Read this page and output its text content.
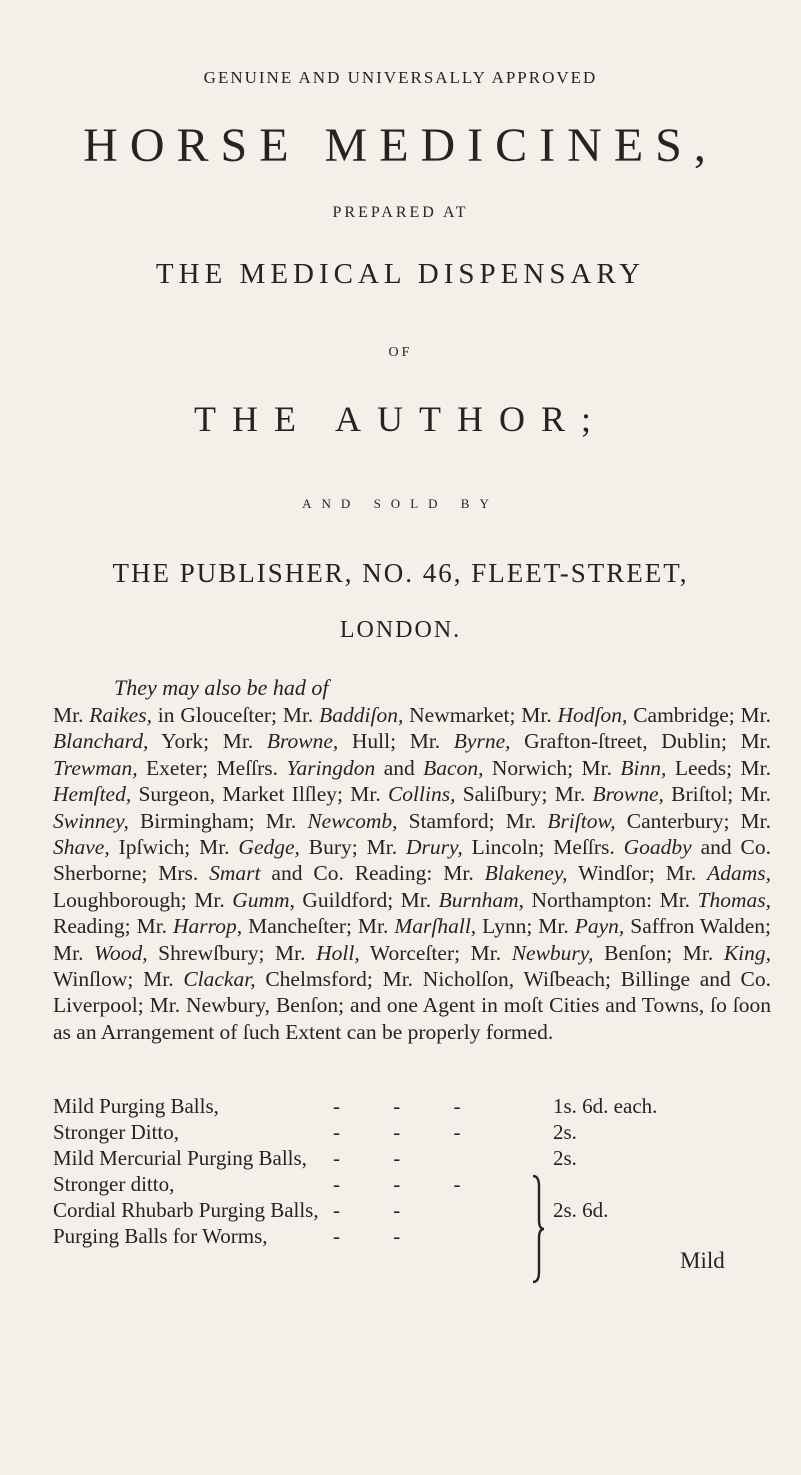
GENUINE AND UNIVERSALLY APPROVED
HORSE MEDICINES,
PREPARED AT
THE MEDICAL DISPENSARY
OF
THE AUTHOR;
AND SOLD BY
THE PUBLISHER, NO. 46, FLEET-STREET,
LONDON.
They may also be had of
Mr. Raikes, in Glouceſter; Mr. Baddiſon, Newmarket; Mr. Hodſon, Cambridge; Mr. Blanchard, York; Mr. Browne, Hull; Mr. Byrne, Grafton-ſtreet, Dublin; Mr. Trewman, Exeter; Meſſrs. Yaringdon and Bacon, Norwich; Mr. Binn, Leeds; Mr. Hemſted, Surgeon, Market Ilſley; Mr. Collins, Saliſbury; Mr. Browne, Briſtol; Mr. Swinney, Birmingham; Mr. Newcomb, Stamford; Mr. Briſtow, Canterbury; Mr. Shave, Ipſwich; Mr. Gedge, Bury; Mr. Drury, Lincoln; Meſſrs. Goadby and Co. Sherborne; Mrs. Smart and Co. Reading: Mr. Blakeney, Windſor; Mr. Adams, Loughborough; Mr. Gumm, Guildford; Mr. Burnham, Northampton: Mr. Thomas, Reading; Mr. Harrop, Mancheſter; Mr. Marſhall, Lynn; Mr. Payn, Saffron Walden; Mr. Wood, Shrewſbury; Mr. Holl, Worceſter; Mr. Newbury, Benſon; Mr. King, Winſlow; Mr. Clackar, Chelmsford; Mr. Nicholſon, Wiſbeach; Billinge and Co. Liverpool; Mr. Newbury, Benſon; and one Agent in moſt Cities and Towns, ſo ſoon as an Arrangement of ſuch Extent can be properly formed.
Mild Purging Balls,	- - -	1s. 6d. each.
Stronger Ditto,	- - -	2s.
Mild Mercurial Purging Balls, - -	2s.
Stronger ditto,	- - -
Cordial Rhubarb Purging Balls, - -	2s. 6d.
Purging Balls for Worms,	- -
Mild
